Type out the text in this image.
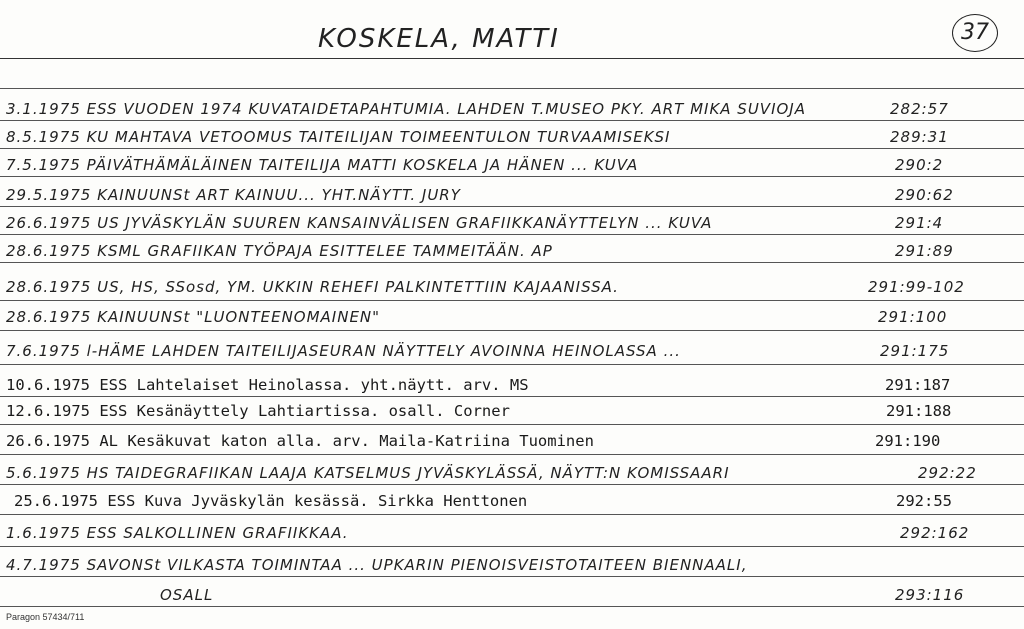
KOSKELA, MATTI	37
3.1.1975 ESS VUODEN 1974 KUVATAIDETAPAHTUMIA. LAHDEN T.MUSEO PKY. ART MIKA SUVIOJA	282:57
8.5.1975 KU MAHTAVA VETOOMUS TAITEILIJAN TOIMEENTULON TURVAAMISEKSI	289:31
7.5.1975 PÄIVÄTHÄMÄLÄINEN TAITEILIJA MATTI KOSKELA JA HÄNEN ... KUVA	290:2
29.5.1975 KAINUUNSt ART KAINUU... YHT.NÄYTT. JURY	290:62
26.6.1975 US JYVÄSKYLÄN SUUREN KANSAINVÄLISEN GRAFIIKKANÄYTTELYN ... KUVA	291:4
28.6.1975 KSML GRAFIIKAN TYÖPAJA ESITTELEE TAMMEITÄÄN. AP	291:89
28.6.1975 US, HS, SSosd, YM. UKKIN REHEFI PALKINTETTIIN KAJAANISSA.	291:99-102
28.6.1975 KAINUUNSt "LUONTEENOMAINEN"	291:100
7.6.1975 l-HÄME LAHDEN TAITEILIJASEURAN NÄYTTELY AVOINNA HEINOLASSA ...	291:175
10.6.1975 ESS Lahtelaiset Heinolassa. yht.näytt. arv. MS	291:187
12.6.1975 ESS Kesänäyttely Lahtiartissa. osall. Corner	291:188
26.6.1975 AL Kesäkuvat katon alla. arv. Maila-Katriina Tuominen	291:190
5.6.1975 HS TAIDEGRAFIIKAN LAAJA KATSELMUS JYVÄSKYLÄSSÄ, NÄYTT:N KOMISSAARI	292:22
25.6.1975 ESS Kuva Jyväskylän kesässä. Sirkka Henttonen	292:55
1.6.1975 ESS SALKOLLINEN GRAFIIKKAA.	292:162
4.7.1975 SAVONSt VILKASTA TOIMINTAA ... UPKARIN PIENOISVEISTOTAITEEN BIENNAALI,
OSALL	293:116
Paragon 57434/711
